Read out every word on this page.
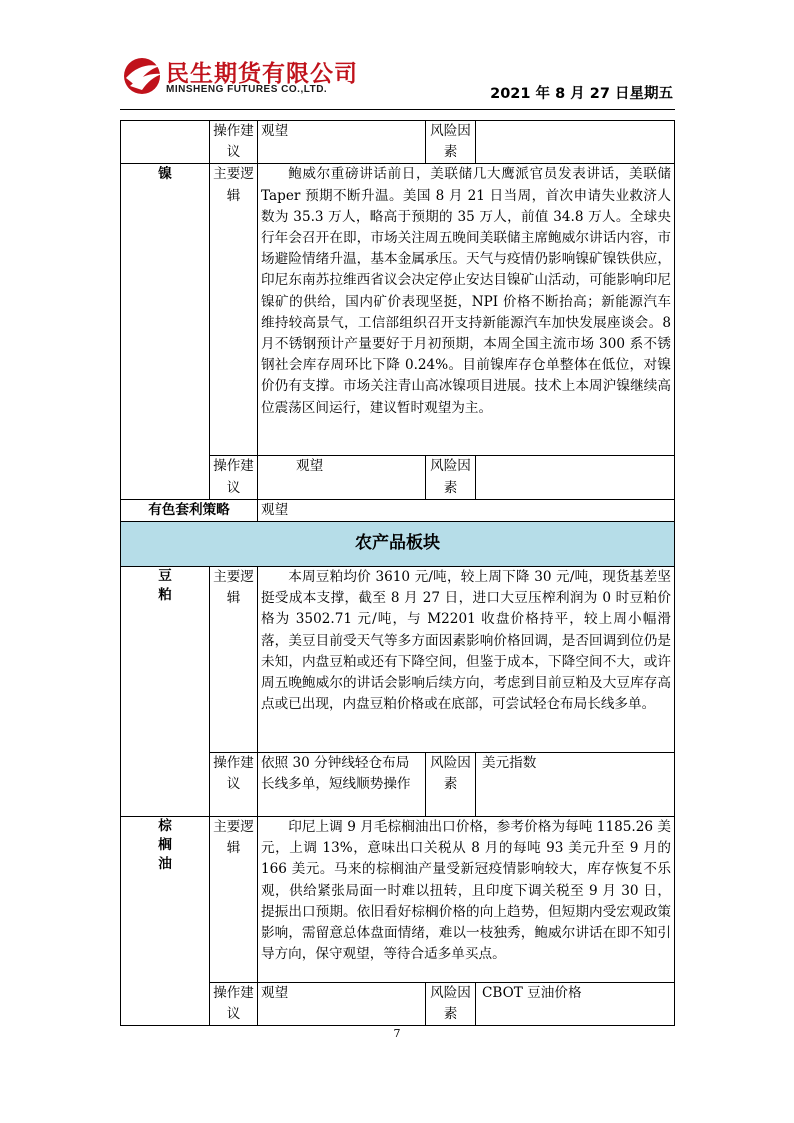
民生期货有限公司
MINSHENG FUTURES CO.,LTD.	2021 年 8 月 27 日星期五
	操作建议	观望	风险因素	
镍	主要逻辑	鲍威尔重磅讲话前日，美联储几大鹰派官员发表讲话，美联储 Taper 预期不断升温。美国 8 月 21 日当周，首次申请失业救济人数为 35.3 万人，略高于预期的 35 万人，前值 34.8 万人。全球央行年会召开在即，市场关注周五晚间美联储主席鲍威尔讲话内容，市场避险情绪升温，基本金属承压。天气与疫情仍影响镍矿镍铁供应，印尼东南苏拉维西省议会决定停止安达目镍矿山活动，可能影响印尼镍矿的供给，国内矿价表现坚挺，NPI 价格不断抬高；新能源汽车维持较高景气，工信部组织召开支持新能源汽车加快发展座谈会。8 月不锈钢预计产量要好于月初预期，本周全国主流市场 300 系不锈钢社会库存周环比下降 0.24%。目前镍库存仓单整体在低位，对镍价仍有支撑。市场关注青山高冰镍项目进展。技术上本周沪镍继续高位震荡区间运行，建议暂时观望为主。		

	操作建议	观望	风险因素	
有色套利策略		观望		
农产品板块				
豆粕	主要逻辑	本周豆粕均价 3610 元/吨，较上周下降 30 元/吨，现货基差坚挺受成本支撑，截至 8 月 27 日，进口大豆压榨利润为 0 时豆粕价格为 3502.71 元/吨，与 M2201 收盘价格持平，较上周小幅滑落，美豆目前受天气等多方面因素影响价格回调，是否回调到位仍是未知，内盘豆粕或还有下降空间，但鉴于成本，下降空间不大，或许周五晚鲍威尔的讲话会影响后续方向，考虑到目前豆粕及大豆库存高点或已出现，内盘豆粕价格或在底部，可尝试轻仓布局长线多单。		

	操作建议	依照 30 分钟线轻仓布局长线多单，短线顺势操作	风险因素	美元指数
棕榈油	主要逻辑	印尼上调 9 月毛棕榈油出口价格，参考价格为每吨 1185.26 美元，上调 13%，意味出口关税从 8 月的每吨 93 美元升至 9 月的 166 美元。马来的棕榈油产量受新冠疫情影响较大，库存恢复不乐观，供给紧张局面一时难以扭转，且印度下调关税至 9 月 30 日，提振出口预期。依旧看好棕榈价格的向上趋势，但短期内受宏观政策影响，需留意总体盘面情绪，难以一枝独秀，鲍威尔讲话在即不知引导方向，保守观望，等待合适多单买点。		

	操作建议	观望	风险因素	CBOT 豆油价格
7
